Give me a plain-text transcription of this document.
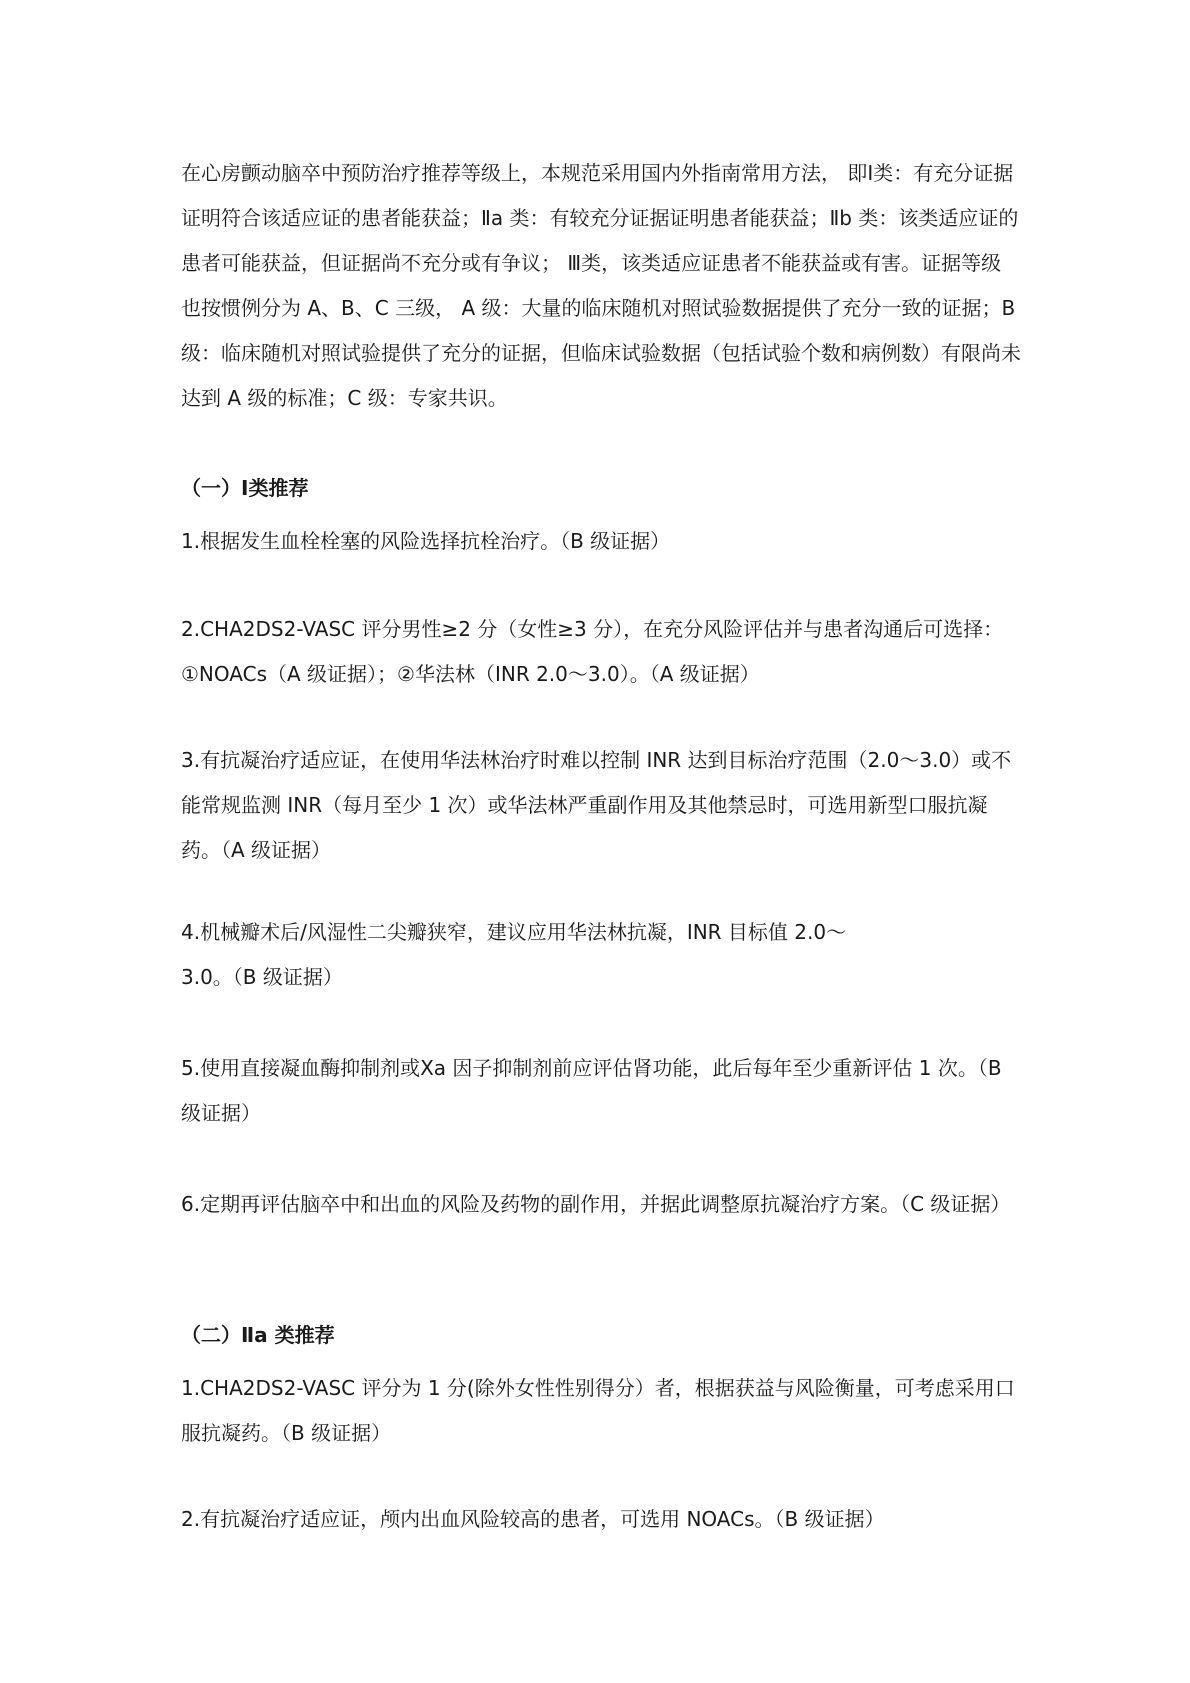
在心房颤动脑卒中预防治疗推荐等级上，本规范采用国内外指南常用方法， 即Ⅰ类：有充分证据证明符合该适应证的患者能获益；Ⅱa 类：有较充分证据证明患者能获益；Ⅱb 类：该类适应证的患者可能获益，但证据尚不充分或有争议； Ⅲ类，该类适应证患者不能获益或有害。证据等级也按惯例分为 A、B、C 三级， A 级：大量的临床随机对照试验数据提供了充分一致的证据；B 级：临床随机对照试验提供了充分的证据，但临床试验数据（包括试验个数和病例数）有限尚未达到 A 级的标准；C 级：专家共识。

（一）Ⅰ类推荐

1.根据发生血栓栓塞的风险选择抗栓治疗。（B 级证据）

2.CHA2DS2-VASC 评分男性≥2 分（女性≥3 分），在充分风险评估并与患者沟通后可选择：①NOACs（A 级证据）；②华法林（INR 2.0～3.0）。（A 级证据）

3.有抗凝治疗适应证，在使用华法林治疗时难以控制 INR 达到目标治疗范围（2.0～3.0）或不能常规监测 INR（每月至少 1 次）或华法林严重副作用及其他禁忌时，可选用新型口服抗凝药。（A 级证据）

4.机械瓣术后/风湿性二尖瓣狭窄，建议应用华法林抗凝，INR 目标值 2.0～
3.0。（B 级证据）

5.使用直接凝血酶抑制剂或Ⅹa 因子抑制剂前应评估肾功能，此后每年至少重新评估 1 次。（B 级证据）

6.定期再评估脑卒中和出血的风险及药物的副作用，并据此调整原抗凝治疗方案。（C 级证据）

（二）Ⅱa 类推荐

1.CHA2DS2-VASC 评分为 1 分(除外女性性别得分）者，根据获益与风险衡量，可考虑采用口服抗凝药。（B 级证据）

2.有抗凝治疗适应证，颅内出血风险较高的患者，可选用 NOACs。（B 级证据）
